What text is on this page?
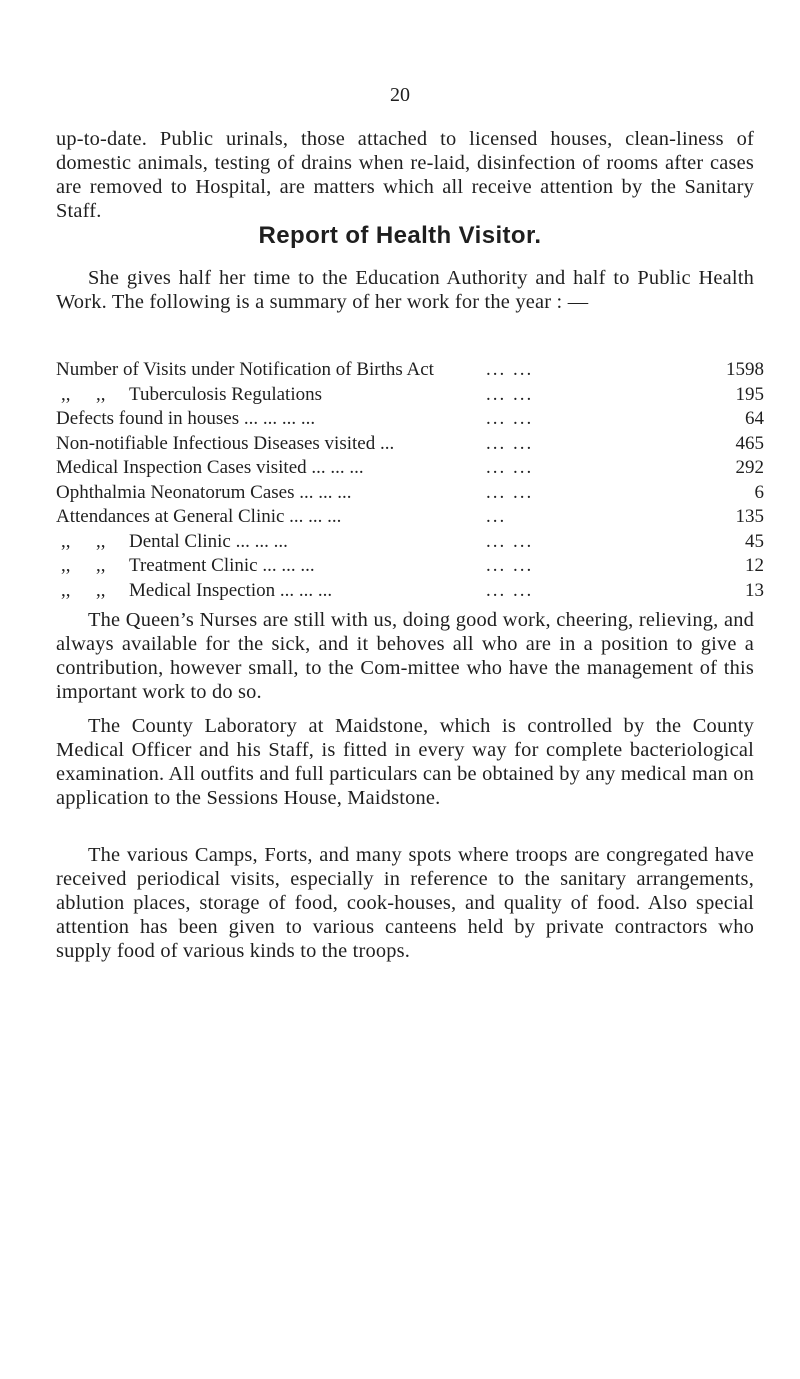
20

up-to-date. Public urinals, those attached to licensed houses, clean-liness of domestic animals, testing of drains when re-laid, disinfection of rooms after cases are removed to Hospital, are matters which all receive attention by the Sanitary Staff.

Report of Health Visitor.

She gives half her time to the Education Authority and half to Public Health Work. The following is a summary of her work for the year : —

Number of Visits under Notification of Births Act	... ...	1598
,, ,, Tuberculosis Regulations	... ...	195
Defects found in houses ... ... ... ...	... ...	64
Non-notifiable Infectious Diseases visited ...	... ...	465
Medical Inspection Cases visited ... ... ...	... ...	292
Ophthalmia Neonatorum Cases ... ... ...	... ...	6
Attendances at General Clinic ... ... ...	...	135
,, ,, Dental Clinic ... ... ...	... ...	45
,, ,, Treatment Clinic ... ... ...	... ...	12
,, ,, Medical Inspection ... ... ...	... ...	13

The Queen’s Nurses are still with us, doing good work, cheering, relieving, and always available for the sick, and it behoves all who are in a position to give a contribution, however small, to the Com-mittee who have the management of this important work to do so.

The County Laboratory at Maidstone, which is controlled by the County Medical Officer and his Staff, is fitted in every way for complete bacteriological examination. All outfits and full particulars can be obtained by any medical man on application to the Sessions House, Maidstone.

The various Camps, Forts, and many spots where troops are congregated have received periodical visits, especially in reference to the sanitary arrangements, ablution places, storage of food, cook-houses, and quality of food. Also special attention has been given to various canteens held by private contractors who supply food of various kinds to the troops.
